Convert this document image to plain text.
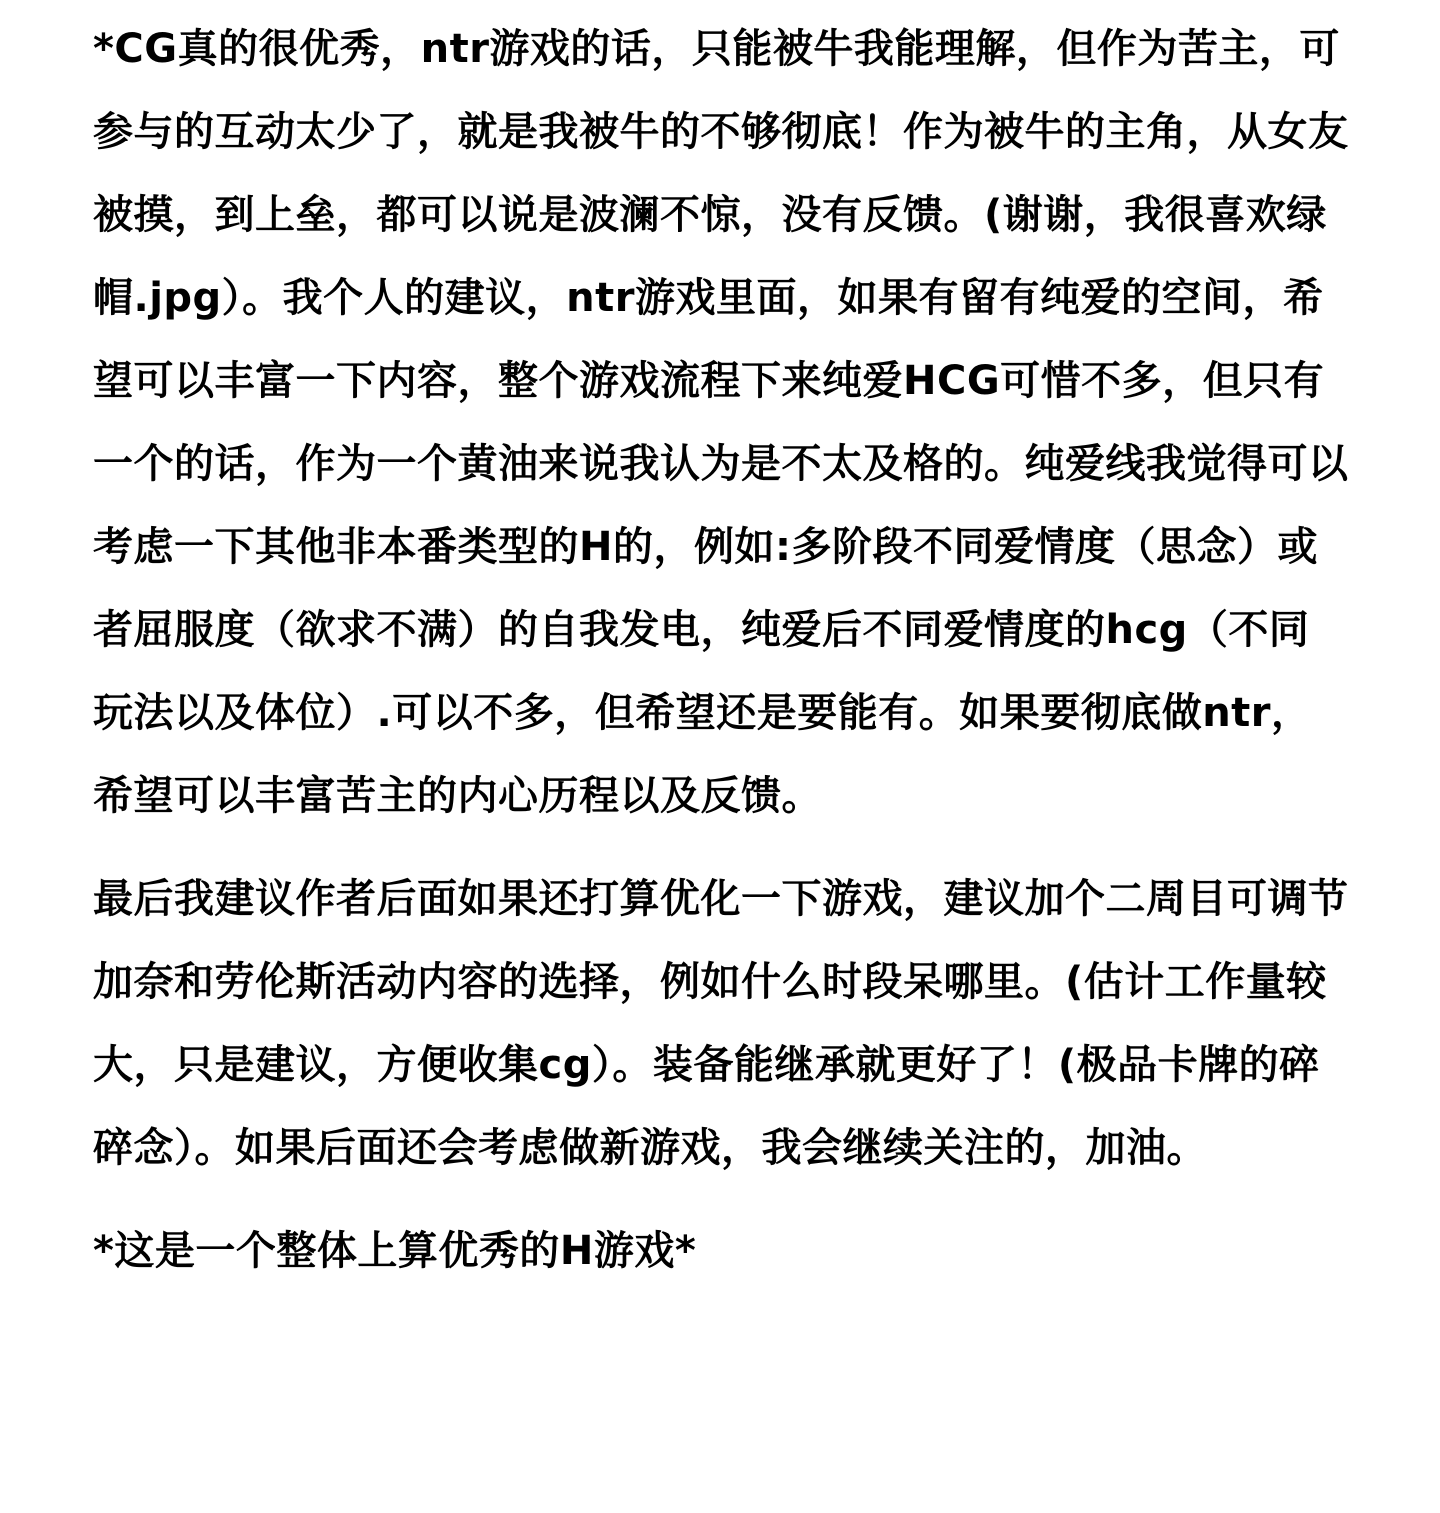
*CG真的很优秀，ntr游戏的话，只能被牛我能理解，但作为苦主，可参与的互动太少了，就是我被牛的不够彻底！作为被牛的主角，从女友被摸，到上垒，都可以说是波澜不惊，没有反馈。(谢谢，我很喜欢绿帽.jpg）。我个人的建议，ntr游戏里面，如果有留有纯爱的空间，希望可以丰富一下内容，整个游戏流程下来纯爱HCG可惜不多，但只有一个的话，作为一个黄油来说我认为是不太及格的。纯爱线我觉得可以考虑一下其他非本番类型的H的，例如:多阶段不同爱情度（思念）或者屈服度（欲求不满）的自我发电，纯爱后不同爱情度的hcg（不同玩法以及体位）.可以不多，但希望还是要能有。如果要彻底做ntr，希望可以丰富苦主的内心历程以及反馈。

最后我建议作者后面如果还打算优化一下游戏，建议加个二周目可调节加奈和劳伦斯活动内容的选择，例如什么时段呆哪里。(估计工作量较大，只是建议，方便收集cg）。装备能继承就更好了！(极品卡牌的碎碎念）。如果后面还会考虑做新游戏，我会继续关注的，加油。

*这是一个整体上算优秀的H游戏*
